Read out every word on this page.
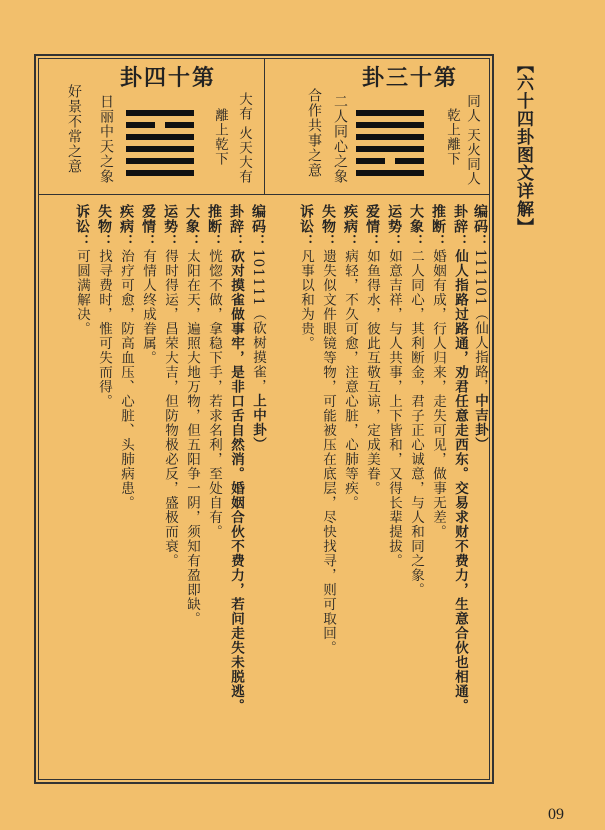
【六十四卦图文详解】
第十三卦
同人 天火同人
乾上離下
二人同心之象
合作共事之意
第十四卦
大有 火天大有
離上乾下
日丽中天之象
好景不常之意
编码：111101（仙人指路，中吉卦）
卦辞：仙人指路过路通，劝君任意走西东。交易求财不费力，生意合伙也相通。
推断：婚姻有成，行人归来，走失可见，做事无差。
大象：二人同心，其利断金，君子正心诚意，与人和同之象。
运势：如意吉祥，与人共事，上下皆和，又得长辈提拔。
爱情：如鱼得水，彼此互敬互谅，定成美眷。
疾病：病轻，不久可愈，注意心脏，心肺等疾。
失物：遗失似文件眼镜等物，可能被压在底层，尽快找寻，则可取回。
诉讼：凡事以和为贵。
编码：101111（砍树摸雀，上中卦）
卦辞：砍对摸雀做事牢，是非口舌自然消。婚姻合伙不费力，若问走失未脱逃。
推断：恍惚不做，拿稳下手，若求名利，至处自有。
大象：太阳在天，遍照大地万物，但五阳争一阴，须知有盈即缺。
运势：得时得运，昌荣大吉，但防物极必反，盛极而衰。
爱情：有情人终成眷属。
疾病：治疗可愈，防高血压、心脏、头肺病患。
失物：找寻费时，惟可失而得。
诉讼：可圆满解决。
09
